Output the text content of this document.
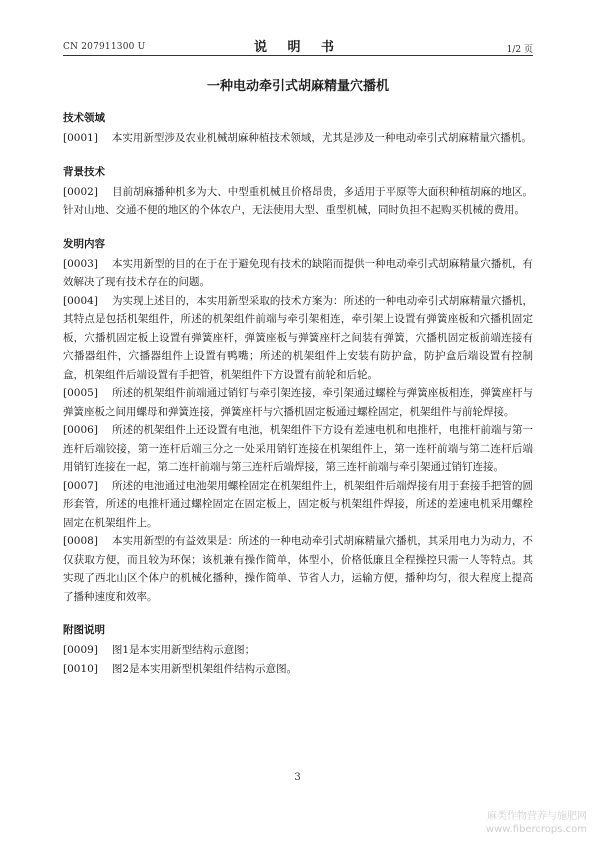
CN 207911300 U	说 明 书	1/2 页
一种电动牵引式胡麻精量穴播机
技术领域

[0001] 本实用新型涉及农业机械胡麻种植技术领域，尤其是涉及一种电动牵引式胡麻精量穴播机。

背景技术

[0002] 目前胡麻播种机多为大、中型重机械且价格昂贵，多适用于平原等大面积种植胡麻的地区。针对山地、交通不便的地区的个体农户，无法使用大型、重型机械，同时负担不起购买机械的费用。

发明内容

[0003] 本实用新型的目的在于在于避免现有技术的缺陷而提供一种电动牵引式胡麻精量穴播机，有效解决了现有技术存在的问题。

[0004] 为实现上述目的，本实用新型采取的技术方案为：所述的一种电动牵引式胡麻精量穴播机，其特点是包括机架组件，所述的机架组件前端与牵引架相连，牵引架上设置有弹簧座板和穴播机固定板，穴播机固定板上设置有弹簧座杆，弹簧座板与弹簧座杆之间装有弹簧，穴播机固定板前端连接有穴播器组件，穴播器组件上设置有鸭嘴；所述的机架组件上安装有防护盒，防护盒后端设置有控制盒，机架组件后端设置有手把管，机架组件下方设置有前轮和后轮。

[0005] 所述的机架组件前端通过销钉与牵引架连接，牵引架通过螺栓与弹簧座板相连，弹簧座杆与弹簧座板之间用螺母和弹簧连接，弹簧座杆与穴播机固定板通过螺栓固定，机架组件与前轮焊接。

[0006] 所述的机架组件上还设置有电池，机架组件下方设有差速电机和电推杆，电推杆前端与第一连杆后端铰接，第一连杆后端三分之一处采用销钉连接在机架组件上，第一连杆前端与第二连杆后端用销钉连接在一起，第二连杆前端与第三连杆后端焊接，第三连杆前端与牵引架通过销钉连接。

[0007] 所述的电池通过电池架用螺栓固定在机架组件上，机架组件后端焊接有用于套接手把管的圆形套管，所述的电推杆通过螺栓固定在固定板上，固定板与机架组件焊接，所述的差速电机采用螺栓固定在机架组件上。

[0008] 本实用新型的有益效果是：所述的一种电动牵引式胡麻精量穴播机，其采用电力为动力，不仅获取方便，而且较为环保；该机兼有操作简单，体型小，价格低廉且全程操控只需一人等特点。其实现了西北山区个体户的机械化播种，操作简单、节省人力，运输方便，播种均匀，很大程度上提高了播种速度和效率。

附图说明

[0009] 图1是本实用新型结构示意图；

[0010] 图2是本实用新型机架组件结构示意图。

3
麻类作物营养与施肥网
www.fibercrops.com
